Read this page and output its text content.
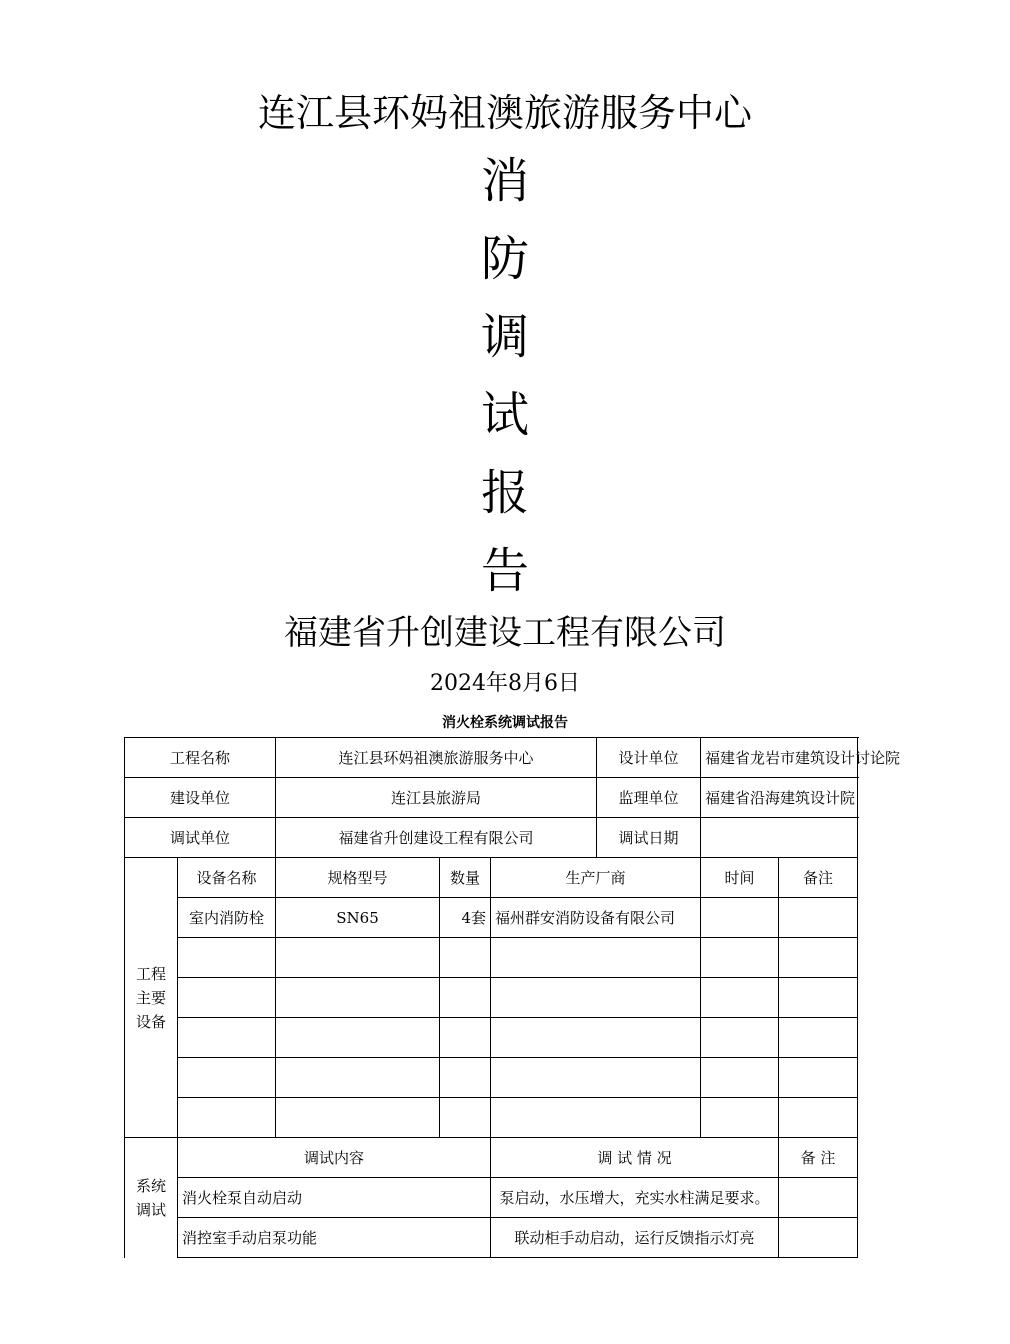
连江县环妈祖澳旅游服务中心
消
防
调
试
报
告
福建省升创建设工程有限公司
2024年8月6日
消火栓系统调试报告
工程名称		连江县环妈祖澳旅游服务中心			设计单位	福建省龙岩市建筑设计讨论院	
建设单位		连江县旅游局			监理单位	福建省沿海建筑设计院	
调试单位		福建省升创建设工程有限公司			调试日期		
工程主要设备	设备名称	规格型号	数量	生产厂商		时间	备注
	室内消防栓	SN65	4套	福州群安消防设备有限公司			

系统调试	调试内容			调 试 情 况			备 注
	消火栓泵自动启动			泵启动，水压增大，充实水柱满足要求。			
	消控室手动启泵功能			联动柜手动启动，运行反馈指示灯亮			
